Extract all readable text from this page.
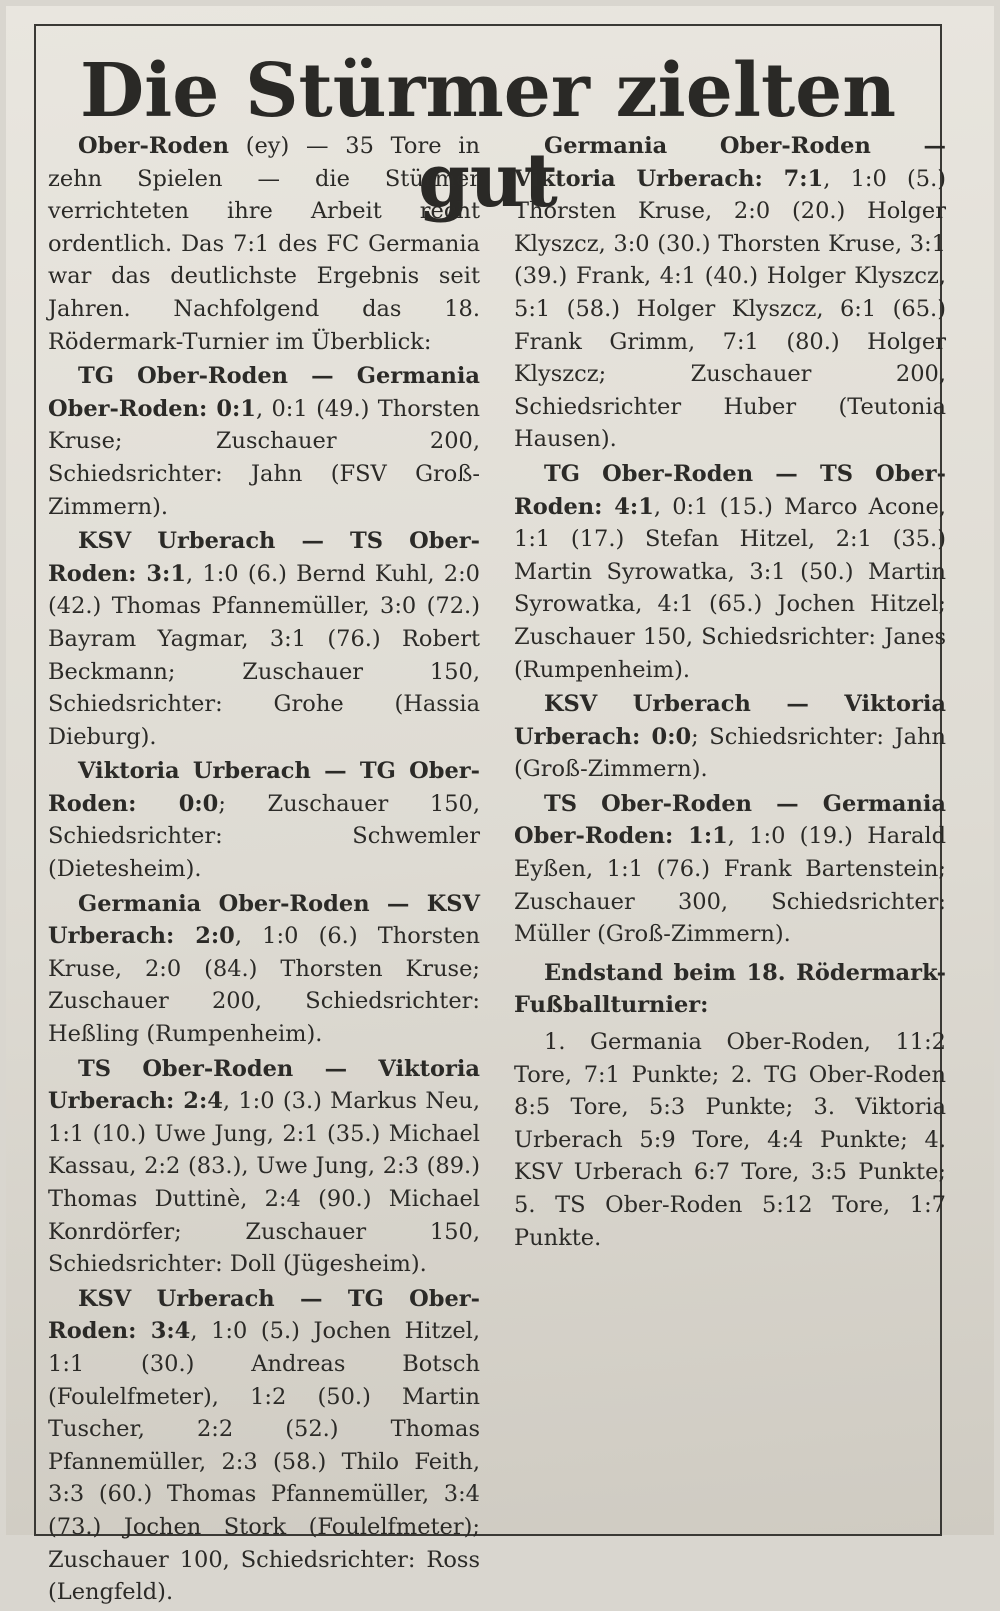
Die Stürmer zielten gut

Ober-Roden (ey) — 35 Tore in zehn Spielen — die Stürmer verrichteten ihre Arbeit recht ordentlich. Das 7:1 des FC Germania war das deutlichste Ergebnis seit Jahren. Nachfolgend das 18. Rödermark-Turnier im Überblick:

TG Ober-Roden — Germania Ober-Roden: 0:1, 0:1 (49.) Thorsten Kruse; Zuschauer 200, Schiedsrichter: Jahn (FSV Groß-Zimmern).

KSV Urberach — TS Ober-Roden: 3:1, 1:0 (6.) Bernd Kuhl, 2:0 (42.) Thomas Pfannemüller, 3:0 (72.) Bayram Yagmar, 3:1 (76.) Robert Beckmann; Zuschauer 150, Schiedsrichter: Grohe (Hassia Dieburg).

Viktoria Urberach — TG Ober-Roden: 0:0; Zuschauer 150, Schiedsrichter: Schwemler (Dietesheim).

Germania Ober-Roden — KSV Urberach: 2:0, 1:0 (6.) Thorsten Kruse, 2:0 (84.) Thorsten Kruse; Zuschauer 200, Schiedsrichter: Heßling (Rumpenheim).

TS Ober-Roden — Viktoria Urberach: 2:4, 1:0 (3.) Markus Neu, 1:1 (10.) Uwe Jung, 2:1 (35.) Michael Kassau, 2:2 (83.), Uwe Jung, 2:3 (89.) Thomas Duttinè, 2:4 (90.) Michael Konrdörfer; Zuschauer 150, Schiedsrichter: Doll (Jügesheim).

KSV Urberach — TG Ober-Roden: 3:4, 1:0 (5.) Jochen Hitzel, 1:1 (30.) Andreas Botsch (Foulelfmeter), 1:2 (50.) Martin Tuscher, 2:2 (52.) Thomas Pfannemüller, 2:3 (58.) Thilo Feith, 3:3 (60.) Thomas Pfannemüller, 3:4 (73.) Jochen Stork (Foulelfmeter); Zuschauer 100, Schiedsrichter: Ross (Lengfeld).

Germania Ober-Roden — Viktoria Urberach: 7:1, 1:0 (5.) Thorsten Kruse, 2:0 (20.) Holger Klyszcz, 3:0 (30.) Thorsten Kruse, 3:1 (39.) Frank, 4:1 (40.) Holger Klyszcz, 5:1 (58.) Holger Klyszcz, 6:1 (65.) Frank Grimm, 7:1 (80.) Holger Klyszcz; Zuschauer 200, Schiedsrichter Huber (Teutonia Hausen).

TG Ober-Roden — TS Ober-Roden: 4:1, 0:1 (15.) Marco Acone, 1:1 (17.) Stefan Hitzel, 2:1 (35.) Martin Syrowatka, 3:1 (50.) Martin Syrowatka, 4:1 (65.) Jochen Hitzel; Zuschauer 150, Schiedsrichter: Janes (Rumpenheim).

KSV Urberach — Viktoria Urberach: 0:0; Schiedsrichter: Jahn (Groß-Zimmern).

TS Ober-Roden — Germania Ober-Roden: 1:1, 1:0 (19.) Harald Eyßen, 1:1 (76.) Frank Bartenstein; Zuschauer 300, Schiedsrichter: Müller (Groß-Zimmern).

Endstand beim 18. Rödermark-Fußballturnier:

1. Germania Ober-Roden, 11:2 Tore, 7:1 Punkte; 2. TG Ober-Roden 8:5 Tore, 5:3 Punkte; 3. Viktoria Urberach 5:9 Tore, 4:4 Punkte; 4. KSV Urberach 6:7 Tore, 3:5 Punkte; 5. TS Ober-Roden 5:12 Tore, 1:7 Punkte.
